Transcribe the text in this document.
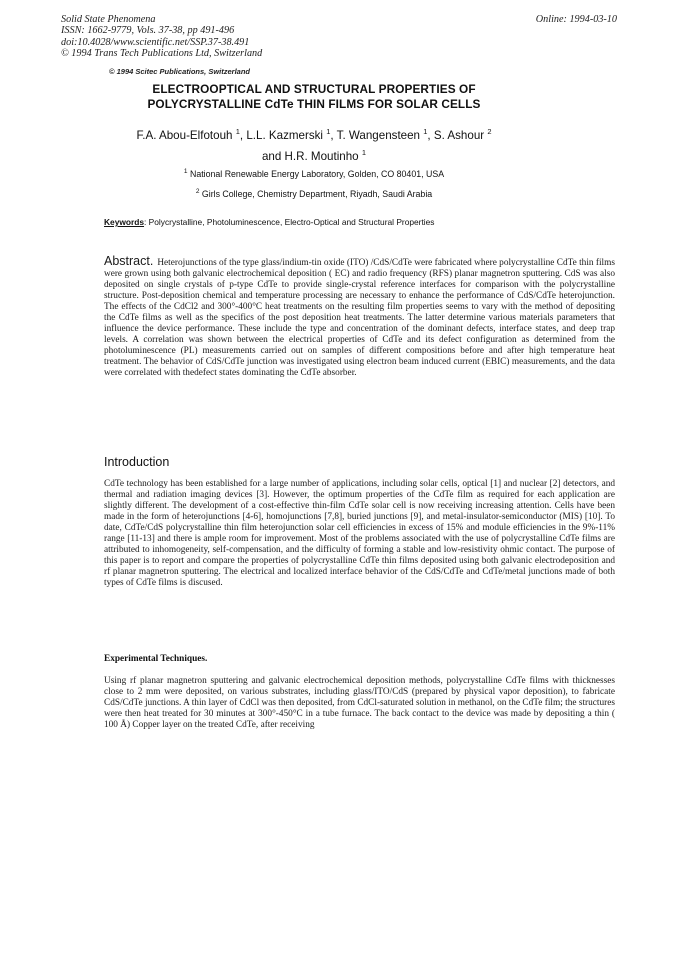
Solid State Phenomena
ISSN: 1662-9779, Vols. 37-38, pp 491-496
doi:10.4028/www.scientific.net/SSP.37-38.491
© 1994 Trans Tech Publications Ltd, Switzerland
Online: 1994-03-10
© 1994 Scitec Publications, Switzerland
ELECTROOPTICAL AND STRUCTURAL PROPERTIES OF
POLYCRYSTALLINE CdTe THIN FILMS FOR SOLAR CELLS
F.A. Abou-Elfotouh $^1$, L.L. Kazmerski $^1$, T. Wangensteen $^1$, S. Ashour $^2$
and H.R. Moutinho $^1$
$^1$ National Renewable Energy Laboratory, Golden, CO 80401, USA
$^2$ Girls College, Chemistry Department, Riyadh, Saudi Arabia
Keywords: Polycrystalline, Photoluminescence, Electro-Optical and Structural Properties
Abstract. Heterojunctions of the type glass/indium-tin oxide (ITO) /CdS/CdTe were fabricated where polycrystalline CdTe thin films were grown using both galvanic electrochemical deposition ( EC) and radio frequency (RFS) planar magnetron sputtering. CdS was also deposited on single crystals of p-type CdTe to provide single-crystal reference interfaces for comparison with the polycrystalline structure. Post-deposition chemical and temperature processing are necessary to enhance the performance of CdS/CdTe heterojunction. The effects of the CdCl2 and 300°-400°C heat treatments on the resulting film properties seems to vary with the method of depositing the CdTe films as well as the specifics of the post deposition heat treatments. The latter determine various materials parameters that influence the device performance. These include the type and concentration of the dominant defects, interface states, and deep trap levels. A correlation was shown between the electrical properties of CdTe and its defect configuration as determined from the photoluminescence (PL) measurements carried out on samples of different compositions before and after high temperature heat treatment. The behavior of CdS/CdTe junction was investigated using electron beam induced current (EBIC) measurements, and the data were correlated with thedefect states dominating the CdTe absorber.
Introduction
CdTe technology has been established for a large number of applications, including solar cells, optical [1] and nuclear [2] detectors, and thermal and radiation imaging devices [3]. However, the optimum properties of the CdTe film as required for each application are slightly different. The development of a cost-effective thin-film CdTe solar cell is now receiving increasing attention. Cells have been made in the form of heterojunctions [4-6], homojunctions [7,8], buried junctions [9], and metal-insulator-semiconductor (MIS) [10]. To date, CdTe/CdS polycrystalline thin film heterojunction solar cell efficiencies in excess of 15% and module efficiencies in the 9%-11% range [11-13] and there is ample room for improvement. Most of the problems associated with the use of polycrystalline CdTe films are attributed to inhomogeneity, self-compensation, and the difficulty of forming a stable and low-resistivity ohmic contact. The purpose of this paper is to report and compare the properties of polycrystalline CdTe thin films deposited using both galvanic electrodeposition and rf planar magnetron sputtering. The electrical and localized interface behavior of the CdS/CdTe and CdTe/metal junctions made of both types of CdTe films is discused.
Experimental Techniques.
Using rf planar magnetron sputtering and galvanic electrochemical deposition methods, polycrystalline CdTe films with thicknesses close to 2 mm were deposited, on various substrates, including glass/ITO/CdS (prepared by physical vapor deposition), to fabricate CdS/CdTe junctions. A thin layer of CdCl was then deposited, from CdCl-saturated solution in methanol, on the CdTe film; the structures were then heat treated for 30 minutes at 300°-450°C in a tube furnace. The back contact to the device was made by depositing a thin ( 100 Å) Copper layer on the treated CdTe, after receiving
